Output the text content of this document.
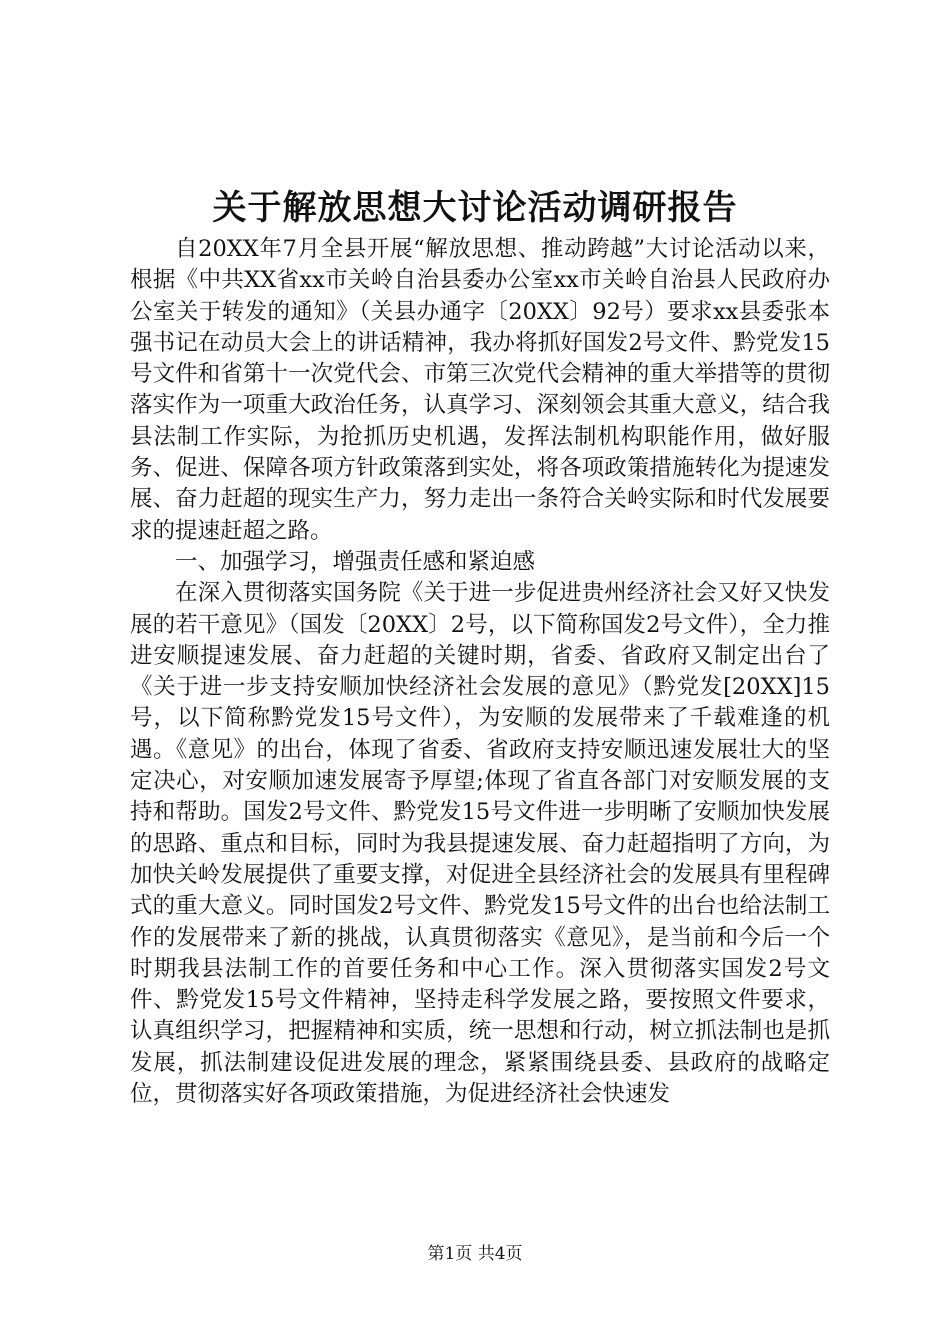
关于解放思想大讨论活动调研报告

自20XX年7月全县开展“解放思想、推动跨越”大讨论活动以来，根据《中共XX省xx市关岭自治县委办公室xx市关岭自治县人民政府办公室关于转发的通知》（关县办通字〔20XX〕92号）要求xx县委张本强书记在动员大会上的讲话精神，我办将抓好国发2号文件、黔党发15号文件和省第十一次党代会、市第三次党代会精神的重大举措等的贯彻落实作为一项重大政治任务，认真学习、深刻领会其重大意义，结合我县法制工作实际，为抢抓历史机遇，发挥法制机构职能作用，做好服务、促进、保障各项方针政策落到实处，将各项政策措施转化为提速发展、奋力赶超的现实生产力，努力走出一条符合关岭实际和时代发展要求的提速赶超之路。

一、加强学习，增强责任感和紧迫感

在深入贯彻落实国务院《关于进一步促进贵州经济社会又好又快发展的若干意见》（国发〔20XX〕2号，以下简称国发2号文件），全力推进安顺提速发展、奋力赶超的关键时期，省委、省政府又制定出台了《关于进一步支持安顺加快经济社会发展的意见》（黔党发[20XX]15号，以下简称黔党发15号文件），为安顺的发展带来了千载难逢的机遇。《意见》的出台，体现了省委、省政府支持安顺迅速发展壮大的坚定决心，对安顺加速发展寄予厚望;体现了省直各部门对安顺发展的支持和帮助。国发2号文件、黔党发15号文件进一步明晰了安顺加快发展的思路、重点和目标，同时为我县提速发展、奋力赶超指明了方向，为加快关岭发展提供了重要支撑，对促进全县经济社会的发展具有里程碑式的重大意义。同时国发2号文件、黔党发15号文件的出台也给法制工作的发展带来了新的挑战，认真贯彻落实《意见》，是当前和今后一个时期我县法制工作的首要任务和中心工作。深入贯彻落实国发2号文件、黔党发15号文件精神，坚持走科学发展之路，要按照文件要求，认真组织学习，把握精神和实质，统一思想和行动，树立抓法制也是抓发展，抓法制建设促进发展的理念，紧紧围绕县委、县政府的战略定位，贯彻落实好各项政策措施，为促进经济社会快速发

第1页 共4页
